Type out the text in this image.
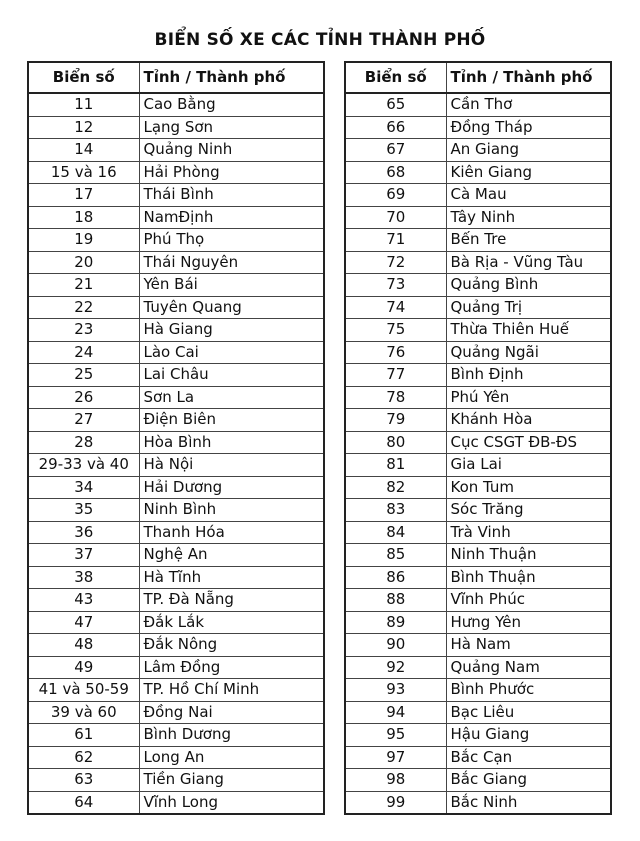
BIỂN SỐ XE CÁC TỈNH THÀNH PHỐ
Biển số	Tỉnh / Thành phố
11	Cao Bằng
12	Lạng Sơn
14	Quảng Ninh
15 và 16	Hải Phòng
17	Thái Bình
18	NamĐịnh
19	Phú Thọ
20	Thái Nguyên
21	Yên Bái
22	Tuyên Quang
23	Hà Giang
24	Lào Cai
25	Lai Châu
26	Sơn La
27	Điện Biên
28	Hòa Bình
29-33 và 40	Hà Nội
34	Hải Dương
35	Ninh Bình
36	Thanh Hóa
37	Nghệ An
38	Hà Tĩnh
43	TP. Đà Nẵng
47	Đắk Lắk
48	Đắk Nông
49	Lâm Đồng
41 và 50-59	TP. Hồ Chí Minh
39 và 60	Đồng Nai
61	Bình Dương
62	Long An
63	Tiền Giang
64	Vĩnh Long
Biển số	Tỉnh / Thành phố
65	Cần Thơ
66	Đồng Tháp
67	An Giang
68	Kiên Giang
69	Cà Mau
70	Tây Ninh
71	Bến Tre
72	Bà Rịa - Vũng Tàu
73	Quảng Bình
74	Quảng Trị
75	Thừa Thiên Huế
76	Quảng Ngãi
77	Bình Định
78	Phú Yên
79	Khánh Hòa
80	Cục CSGT ĐB-ĐS
81	Gia Lai
82	Kon Tum
83	Sóc Trăng
84	Trà Vinh
85	Ninh Thuận
86	Bình Thuận
88	Vĩnh Phúc
89	Hưng Yên
90	Hà Nam
92	Quảng Nam
93	Bình Phước
94	Bạc Liêu
95	Hậu Giang
97	Bắc Cạn
98	Bắc Giang
99	Bắc Ninh
